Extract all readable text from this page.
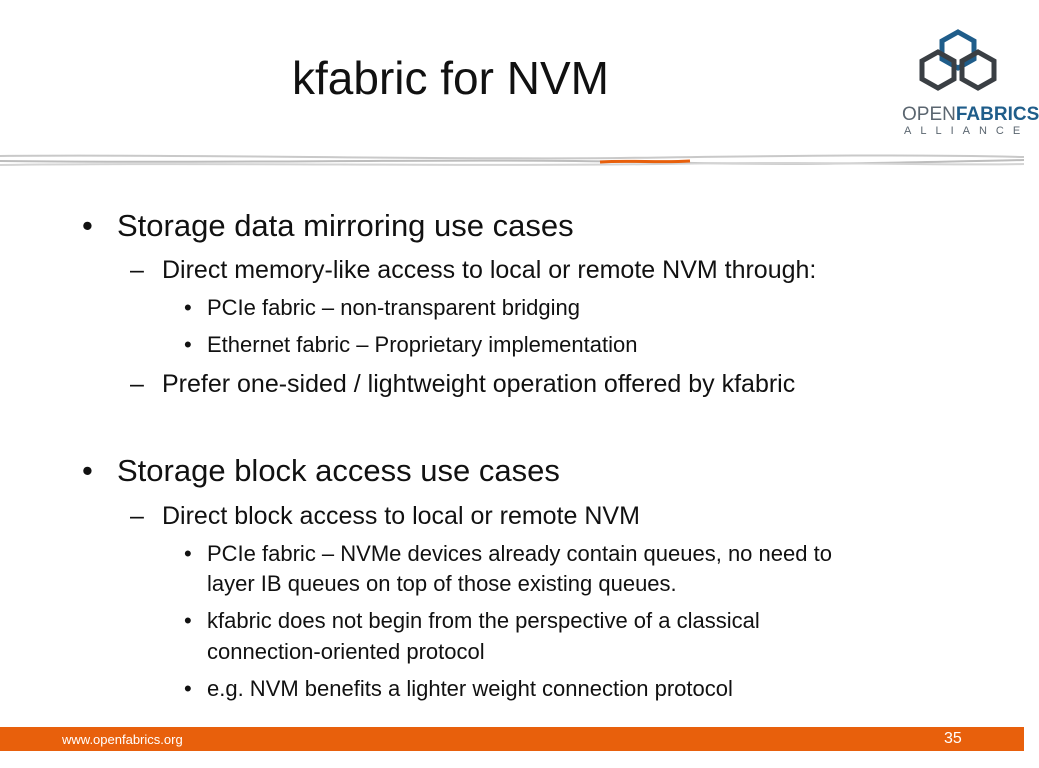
kfabric for NVM
OPENFABRICS
ALLIANCE
• Storage data mirroring use cases
– Direct memory-like access to local or remote NVM through:
• PCIe fabric – non-transparent bridging
• Ethernet fabric – Proprietary implementation
– Prefer one-sided / lightweight operation offered by kfabric
• Storage block access use cases
– Direct block access to local or remote NVM
• PCIe fabric – NVMe devices already contain queues, no need to
layer IB queues on top of those existing queues.
• kfabric does not begin from the perspective of a classical
connection-oriented protocol
• e.g. NVM benefits a lighter weight connection protocol
www.openfabrics.org	35
